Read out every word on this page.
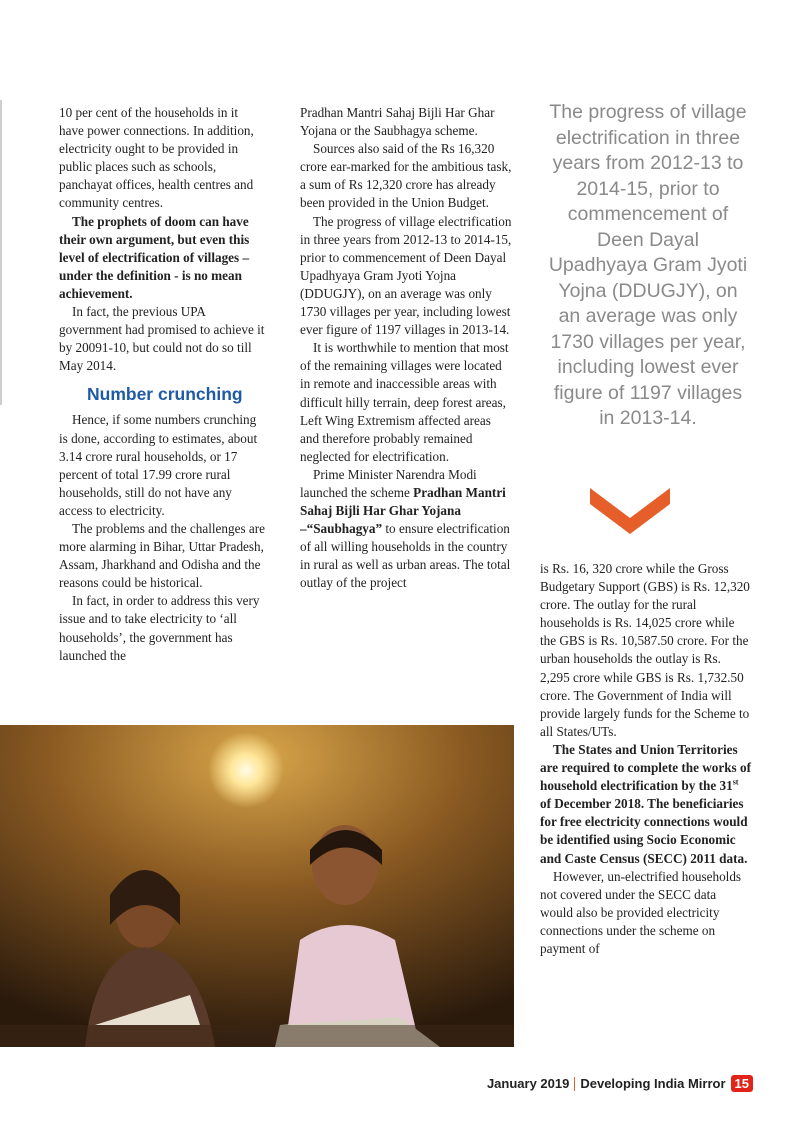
10 per cent of the households in it have power connections. In addition, electricity ought to be provided in public places such as schools, panchayat offices, health centres and community centres.

The prophets of doom can have their own argument, but even this level of electrification of villages – under the definition - is no mean achievement.

In fact, the previous UPA government had promised to achieve it by 20091-10, but could not do so till May 2014.

Number crunching

Hence, if some numbers crunching is done, according to estimates, about 3.14 crore rural households, or 17 percent of total 17.99 crore rural households, still do not have any access to electricity.

The problems and the challenges are more alarming in Bihar, Uttar Pradesh, Assam, Jharkhand and Odisha and the reasons could be historical.

In fact, in order to address this very issue and to take electricity to ‘all households’, the government has launched the

Pradhan Mantri Sahaj Bijli Har Ghar Yojana or the Saubhagya scheme.

Sources also said of the Rs 16,320 crore ear-marked for the ambitious task, a sum of Rs 12,320 crore has already been provided in the Union Budget.

The progress of village electrification in three years from 2012-13 to 2014-15, prior to commencement of Deen Dayal Upadhyaya Gram Jyoti Yojna (DDUGJY), on an average was only 1730 villages per year, including lowest ever figure of 1197 villages in 2013-14.

It is worthwhile to mention that most of the remaining villages were located in remote and inaccessible areas with difficult hilly terrain, deep forest areas, Left Wing Extremism affected areas and therefore probably remained neglected for electrification.

Prime Minister Narendra Modi launched the scheme Pradhan Mantri Sahaj Bijli Har Ghar Yojana –“Saubhagya” to ensure electrification of all willing households in the country in rural as well as urban areas. The total outlay of the project

The progress of village electrification in three years from 2012-13 to 2014-15, prior to commencement of Deen Dayal Upadhyaya Gram Jyoti Yojna (DDUGJY), on an average was only 1730 villages per year, including lowest ever figure of 1197 villages in 2013-14.

is Rs. 16, 320 crore while the Gross Budgetary Support (GBS) is Rs. 12,320 crore. The outlay for the rural households is Rs. 14,025 crore while the GBS is Rs. 10,587.50 crore. For the urban households the outlay is Rs. 2,295 crore while GBS is Rs. 1,732.50 crore. The Government of India will provide largely funds for the Scheme to all States/UTs.

The States and Union Territories are required to complete the works of household electrification by the 31st of December 2018. The beneficiaries for free electricity connections would be identified using Socio Economic and Caste Census (SECC) 2011 data.

However, un-electrified households not covered under the SECC data would also be provided electricity connections under the scheme on payment of

January 2019 Developing India Mirror 15
